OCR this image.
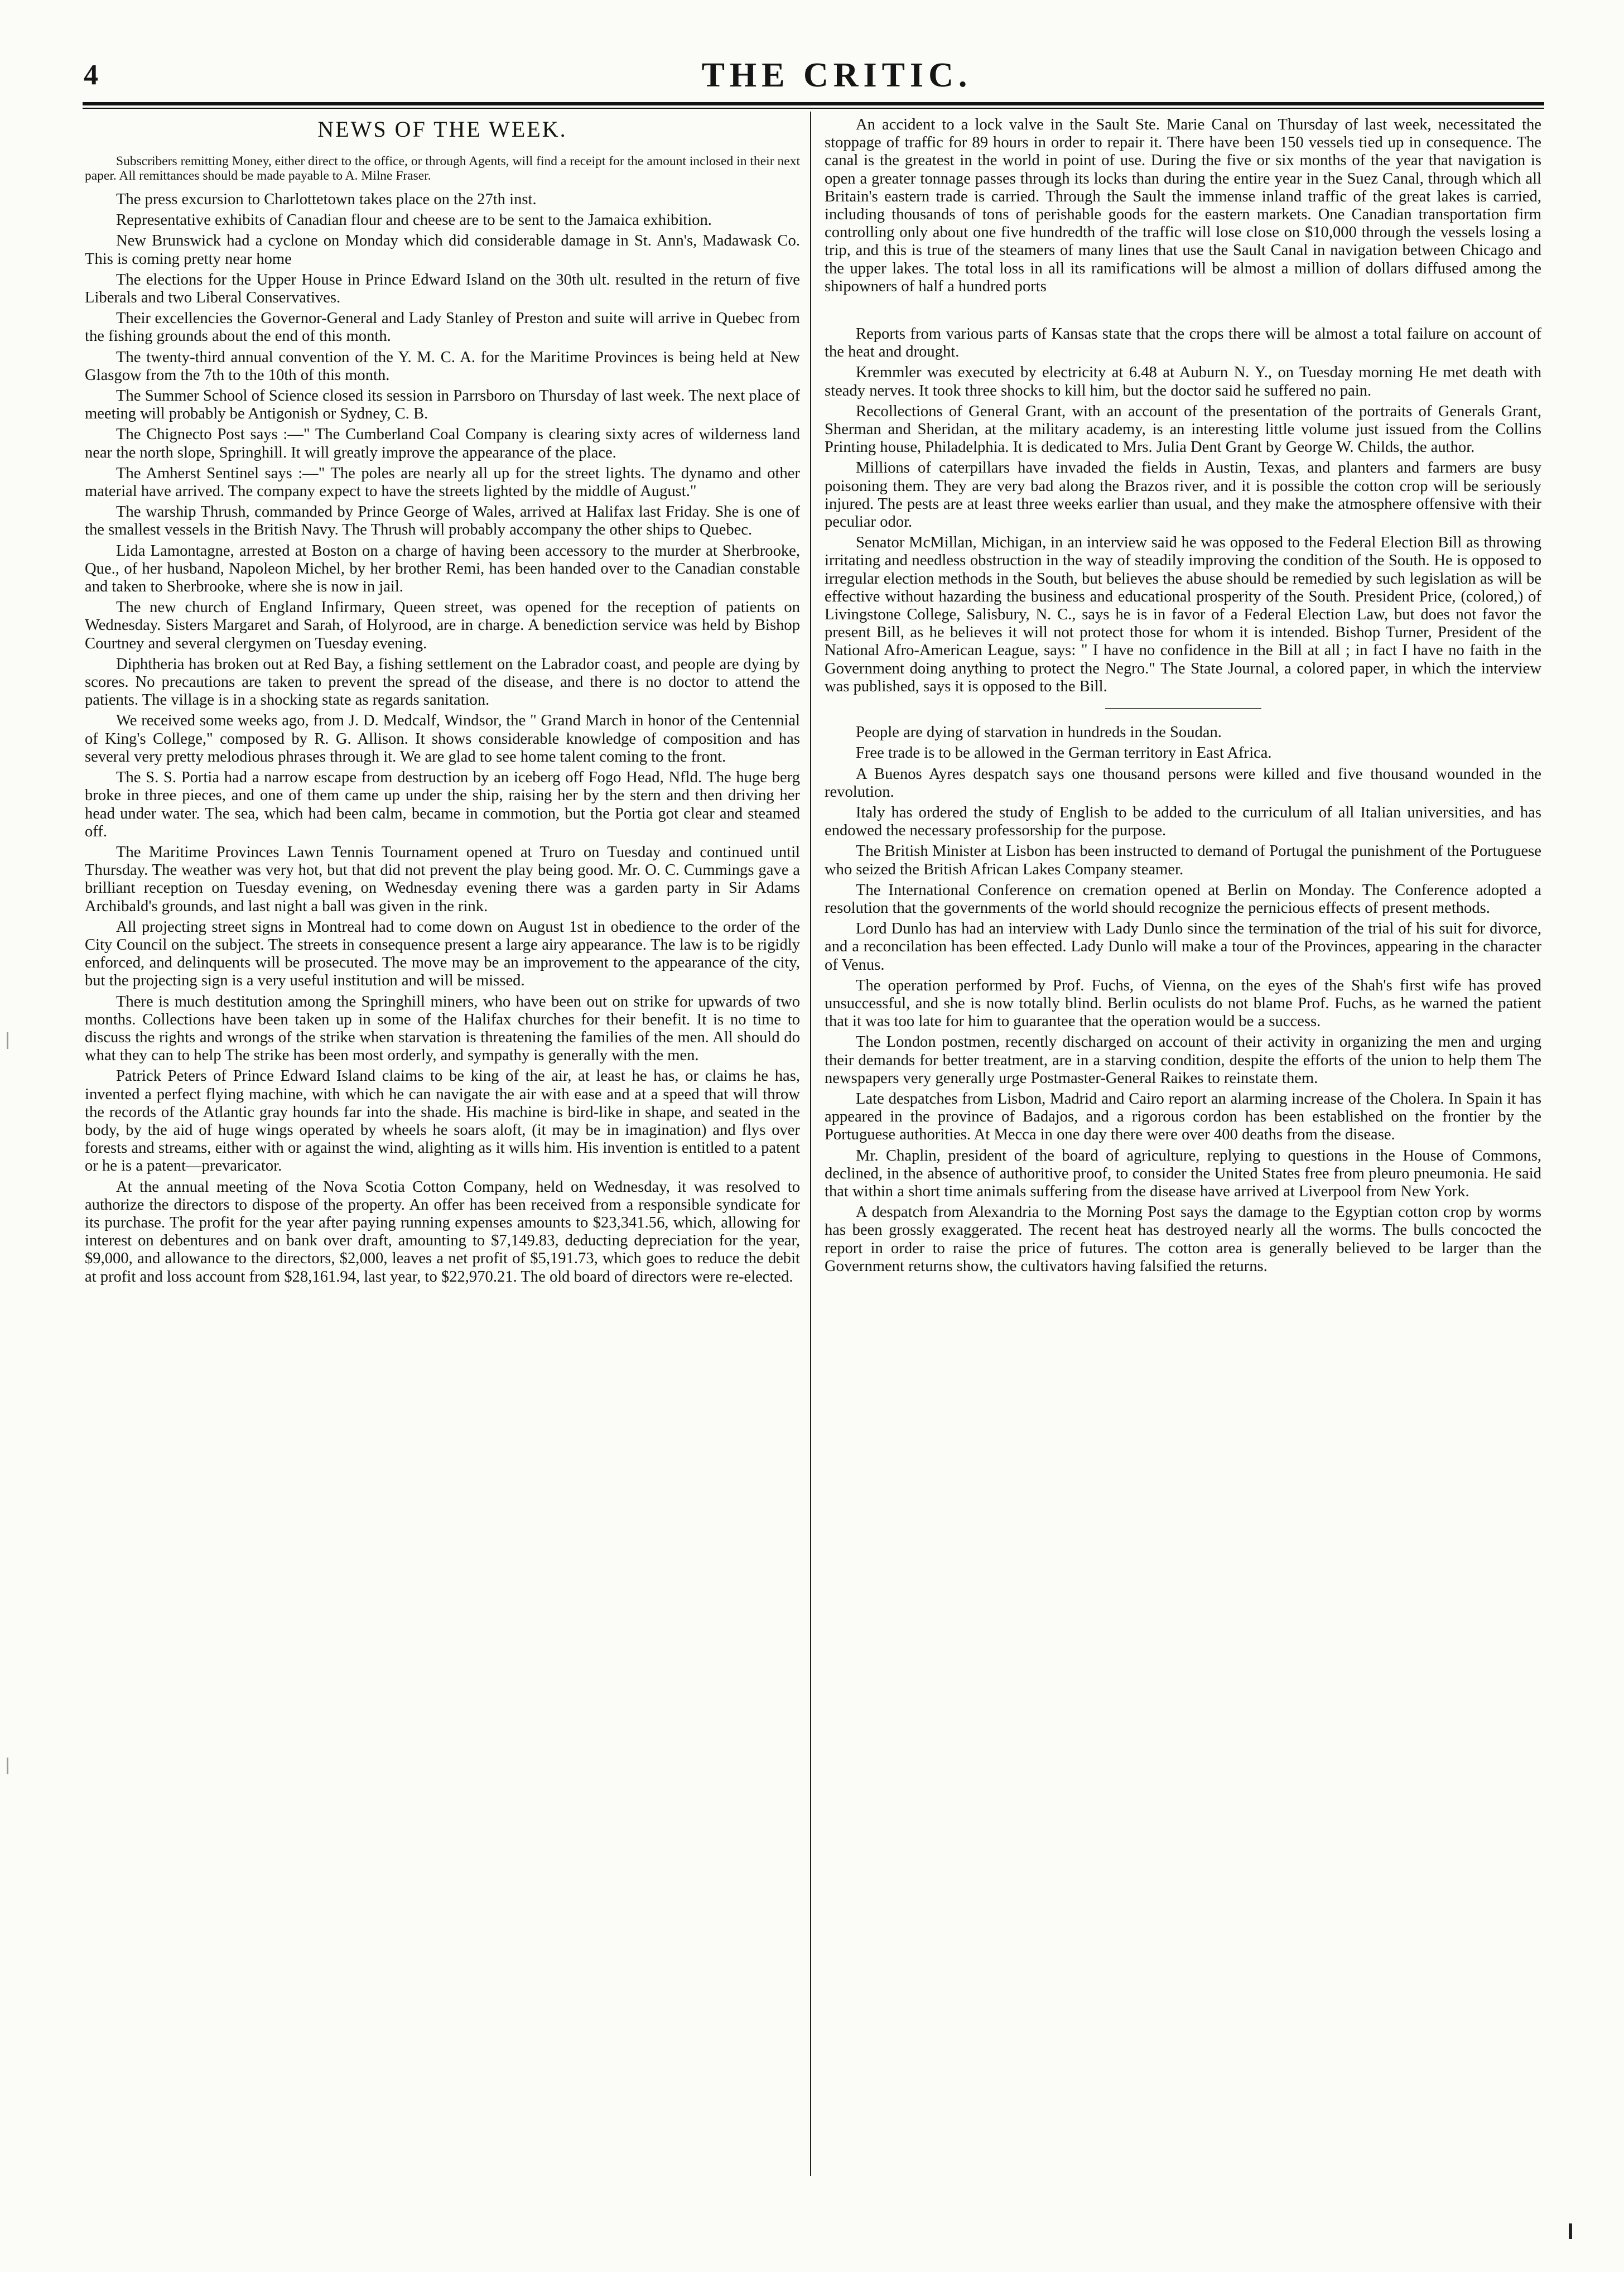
4	THE CRITIC.
NEWS OF THE WEEK.

Subscribers remitting Money, either direct to the office, or through Agents, will find a receipt for the amount inclosed in their next paper. All remittances should be made payable to A. Milne Fraser.

The press excursion to Charlottetown takes place on the 27th inst.

Representative exhibits of Canadian flour and cheese are to be sent to the Jamaica exhibition.

New Brunswick had a cyclone on Monday which did considerable damage in St. Ann's, Madawask Co. This is coming pretty near home

The elections for the Upper House in Prince Edward Island on the 30th ult. resulted in the return of five Liberals and two Liberal Conservatives.

Their excellencies the Governor-General and Lady Stanley of Preston and suite will arrive in Quebec from the fishing grounds about the end of this month.

The twenty-third annual convention of the Y. M. C. A. for the Maritime Provinces is being held at New Glasgow from the 7th to the 10th of this month.

The Summer School of Science closed its session in Parrsboro on Thursday of last week. The next place of meeting will probably be Antigonish or Sydney, C. B.

The Chignecto Post says :—" The Cumberland Coal Company is clearing sixty acres of wilderness land near the north slope, Springhill. It will greatly improve the appearance of the place.

The Amherst Sentinel says :—" The poles are nearly all up for the street lights. The dynamo and other material have arrived. The company expect to have the streets lighted by the middle of August."

The warship Thrush, commanded by Prince George of Wales, arrived at Halifax last Friday. She is one of the smallest vessels in the British Navy. The Thrush will probably accompany the other ships to Quebec.

Lida Lamontagne, arrested at Boston on a charge of having been accessory to the murder at Sherbrooke, Que., of her husband, Napoleon Michel, by her brother Remi, has been handed over to the Canadian constable and taken to Sherbrooke, where she is now in jail.

The new church of England Infirmary, Queen street, was opened for the reception of patients on Wednesday. Sisters Margaret and Sarah, of Holyrood, are in charge. A benediction service was held by Bishop Courtney and several clergymen on Tuesday evening.

Diphtheria has broken out at Red Bay, a fishing settlement on the Labrador coast, and people are dying by scores. No precautions are taken to prevent the spread of the disease, and there is no doctor to attend the patients. The village is in a shocking state as regards sanitation.

We received some weeks ago, from J. D. Medcalf, Windsor, the " Grand March in honor of the Centennial of King's College," composed by R. G. Allison. It shows considerable knowledge of composition and has several very pretty melodious phrases through it. We are glad to see home talent coming to the front.

The S. S. Portia had a narrow escape from destruction by an iceberg off Fogo Head, Nfld. The huge berg broke in three pieces, and one of them came up under the ship, raising her by the stern and then driving her head under water. The sea, which had been calm, became in commotion, but the Portia got clear and steamed off.

The Maritime Provinces Lawn Tennis Tournament opened at Truro on Tuesday and continued until Thursday. The weather was very hot, but that did not prevent the play being good. Mr. O. C. Cummings gave a brilliant reception on Tuesday evening, on Wednesday evening there was a garden party in Sir Adams Archibald's grounds, and last night a ball was given in the rink.

All projecting street signs in Montreal had to come down on August 1st in obedience to the order of the City Council on the subject. The streets in consequence present a large airy appearance. The law is to be rigidly enforced, and delinquents will be prosecuted. The move may be an improvement to the appearance of the city, but the projecting sign is a very useful institution and will be missed.

There is much destitution among the Springhill miners, who have been out on strike for upwards of two months. Collections have been taken up in some of the Halifax churches for their benefit. It is no time to discuss the rights and wrongs of the strike when starvation is threatening the families of the men. All should do what they can to help The strike has been most orderly, and sympathy is generally with the men.

Patrick Peters of Prince Edward Island claims to be king of the air, at least he has, or claims he has, invented a perfect flying machine, with which he can navigate the air with ease and at a speed that will throw the records of the Atlantic gray hounds far into the shade. His machine is bird-like in shape, and seated in the body, by the aid of huge wings operated by wheels he soars aloft, (it may be in imagination) and flys over forests and streams, either with or against the wind, alighting as it wills him. His invention is entitled to a patent or he is a patent—prevaricator.

At the annual meeting of the Nova Scotia Cotton Company, held on Wednesday, it was resolved to authorize the directors to dispose of the property. An offer has been received from a responsible syndicate for its purchase. The profit for the year after paying running expenses amounts to $23,341.56, which, allowing for interest on debentures and on bank over draft, amounting to $7,149.83, deducting depreciation for the year, $9,000, and allowance to the directors, $2,000, leaves a net profit of $5,191.73, which goes to reduce the debit at profit and loss account from $28,161.94, last year, to $22,970.21. The old board of directors were re-elected.

An accident to a lock valve in the Sault Ste. Marie Canal on Thursday of last week, necessitated the stoppage of traffic for 89 hours in order to repair it. There have been 150 vessels tied up in consequence. The canal is the greatest in the world in point of use. During the five or six months of the year that navigation is open a greater tonnage passes through its locks than during the entire year in the Suez Canal, through which all Britain's eastern trade is carried. Through the Sault the immense inland traffic of the great lakes is carried, including thousands of tons of perishable goods for the eastern markets. One Canadian transportation firm controlling only about one five hundredth of the traffic will lose close on $10,000 through the vessels losing a trip, and this is true of the steamers of many lines that use the Sault Canal in navigation between Chicago and the upper lakes. The total loss in all its ramifications will be almost a million of dollars diffused among the shipowners of half a hundred ports

Reports from various parts of Kansas state that the crops there will be almost a total failure on account of the heat and drought.

Kremmler was executed by electricity at 6.48 at Auburn N. Y., on Tuesday morning He met death with steady nerves. It took three shocks to kill him, but the doctor said he suffered no pain.

Recollections of General Grant, with an account of the presentation of the portraits of Generals Grant, Sherman and Sheridan, at the military academy, is an interesting little volume just issued from the Collins Printing house, Philadelphia. It is dedicated to Mrs. Julia Dent Grant by George W. Childs, the author.

Millions of caterpillars have invaded the fields in Austin, Texas, and planters and farmers are busy poisoning them. They are very bad along the Brazos river, and it is possible the cotton crop will be seriously injured. The pests are at least three weeks earlier than usual, and they make the atmosphere offensive with their peculiar odor.

Senator McMillan, Michigan, in an interview said he was opposed to the Federal Election Bill as throwing irritating and needless obstruction in the way of steadily improving the condition of the South. He is opposed to irregular election methods in the South, but believes the abuse should be remedied by such legislation as will be effective without hazarding the business and educational prosperity of the South. President Price, (colored,) of Livingstone College, Salisbury, N. C., says he is in favor of a Federal Election Law, but does not favor the present Bill, as he believes it will not protect those for whom it is intended. Bishop Turner, President of the National Afro-American League, says: " I have no confidence in the Bill at all ; in fact I have no faith in the Government doing anything to protect the Negro." The State Journal, a colored paper, in which the interview was published, says it is opposed to the Bill.

People are dying of starvation in hundreds in the Soudan.

Free trade is to be allowed in the German territory in East Africa.

A Buenos Ayres despatch says one thousand persons were killed and five thousand wounded in the revolution.

Italy has ordered the study of English to be added to the curriculum of all Italian universities, and has endowed the necessary professorship for the purpose.

The British Minister at Lisbon has been instructed to demand of Portugal the punishment of the Portuguese who seized the British African Lakes Company steamer.

The International Conference on cremation opened at Berlin on Monday. The Conference adopted a resolution that the governments of the world should recognize the pernicious effects of present methods.

Lord Dunlo has had an interview with Lady Dunlo since the termination of the trial of his suit for divorce, and a reconcilation has been effected. Lady Dunlo will make a tour of the Provinces, appearing in the character of Venus.

The operation performed by Prof. Fuchs, of Vienna, on the eyes of the Shah's first wife has proved unsuccessful, and she is now totally blind. Berlin oculists do not blame Prof. Fuchs, as he warned the patient that it was too late for him to guarantee that the operation would be a success.

The London postmen, recently discharged on account of their activity in organizing the men and urging their demands for better treatment, are in a starving condition, despite the efforts of the union to help them The newspapers very generally urge Postmaster-General Raikes to reinstate them.

Late despatches from Lisbon, Madrid and Cairo report an alarming increase of the Cholera. In Spain it has appeared in the province of Badajos, and a rigorous cordon has been established on the frontier by the Portuguese authorities. At Mecca in one day there were over 400 deaths from the disease.

Mr. Chaplin, president of the board of agriculture, replying to questions in the House of Commons, declined, in the absence of authoritive proof, to consider the United States free from pleuro pneumonia. He said that within a short time animals suffering from the disease have arrived at Liverpool from New York.

A despatch from Alexandria to the Morning Post says the damage to the Egyptian cotton crop by worms has been grossly exaggerated. The recent heat has destroyed nearly all the worms. The bulls concocted the report in order to raise the price of futures. The cotton area is generally believed to be larger than the Government returns show, the cultivators having falsified the returns.
